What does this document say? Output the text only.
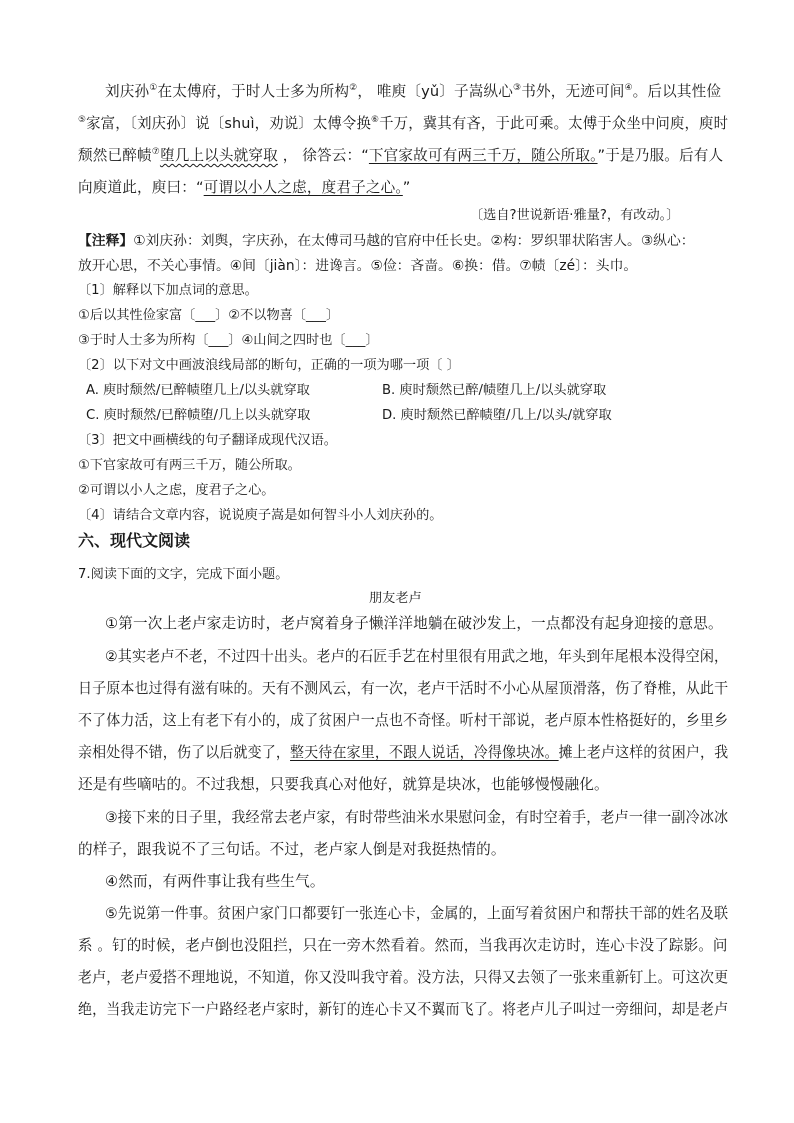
刘庆孙①在太傅府，于时人士多为所构②， 唯庾〔yǔ〕子嵩纵心③书外，无迹可间④。后以其性俭
⑤家富，〔刘庆孙〕说〔shuì，劝说〕太傅令换⑥千万，冀其有吝，于此可乘。太傅于众坐中问庾，庾时
颓然已醉帻⑦堕几上以头就穿取 ， 徐答云：“下官家故可有两三千万，随公所取。”于是乃服。后有人
向庾道此，庾曰：“可谓以小人之虑，度君子之心。”
〔选自?世说新语·雅量?，有改动。〕
【注释】①刘庆孙：刘舆，字庆孙，在太傅司马越的官府中任长史。②构：罗织罪状陷害人。③纵心：
放开心思，不关心事情。④间〔jiàn〕：进谗言。⑤俭：吝啬。⑥换：借。⑦帻〔zé〕：头巾。
〔1〕解释以下加点词的意思。
①后以其性俭家富〔___〕②不以物喜〔___〕
③于时人士多为所构〔___〕④山间之四时也〔___〕
〔2〕以下对文中画波浪线局部的断句，正确的一项为哪一项〔 〕
A. 庾时颓然/已醉帻堕几上/以头就穿取	B. 庾时颓然已醉/帻堕几上/以头就穿取
C. 庾时颓然/已醉帻堕/几上以头就穿取	D. 庾时颓然已醉帻堕/几上/以头/就穿取
〔3〕把文中画横线的句子翻译成现代汉语。
①下官家故可有两三千万，随公所取。
②可谓以小人之虑，度君子之心。
〔4〕请结合文章内容，说说庾子嵩是如何智斗小人刘庆孙的。
六、现代文阅读
7.阅读下面的文字，完成下面小题。
朋友老卢
①第一次上老卢家走访时，老卢窝着身子懒洋洋地躺在破沙发上，一点都没有起身迎接的意思。
②其实老卢不老，不过四十出头。老卢的石匠手艺在村里很有用武之地，年头到年尾根本没得空闲，
日子原本也过得有滋有味的。天有不测风云，有一次，老卢干活时不小心从屋顶滑落，伤了脊椎，从此干
不了体力活，这上有老下有小的，成了贫困户一点也不奇怪。听村干部说，老卢原本性格挺好的，乡里乡
亲相处得不错，伤了以后就变了，整天待在家里，不跟人说话，冷得像块冰。摊上老卢这样的贫困户，我
还是有些嘀咕的。不过我想，只要我真心对他好，就算是块冰，也能够慢慢融化。
③接下来的日子里，我经常去老卢家，有时带些油米水果慰问金，有时空着手，老卢一律一副冷冰冰
的样子，跟我说不了三句话。不过，老卢家人倒是对我挺热情的。
④然而，有两件事让我有些生气。
⑤先说第一件事。贫困户家门口都要钉一张连心卡，金属的，上面写着贫困户和帮扶干部的姓名及联
系 。钉的时候，老卢倒也没阻拦，只在一旁木然看着。然而，当我再次走访时，连心卡没了踪影。问
老卢，老卢爱搭不理地说，不知道，你又没叫我守着。没方法，只得又去领了一张来重新钉上。可这次更
绝，当我走访完下一户路经老卢家时，新钉的连心卡又不翼而飞了。将老卢儿子叫过一旁细问，却是老卢
